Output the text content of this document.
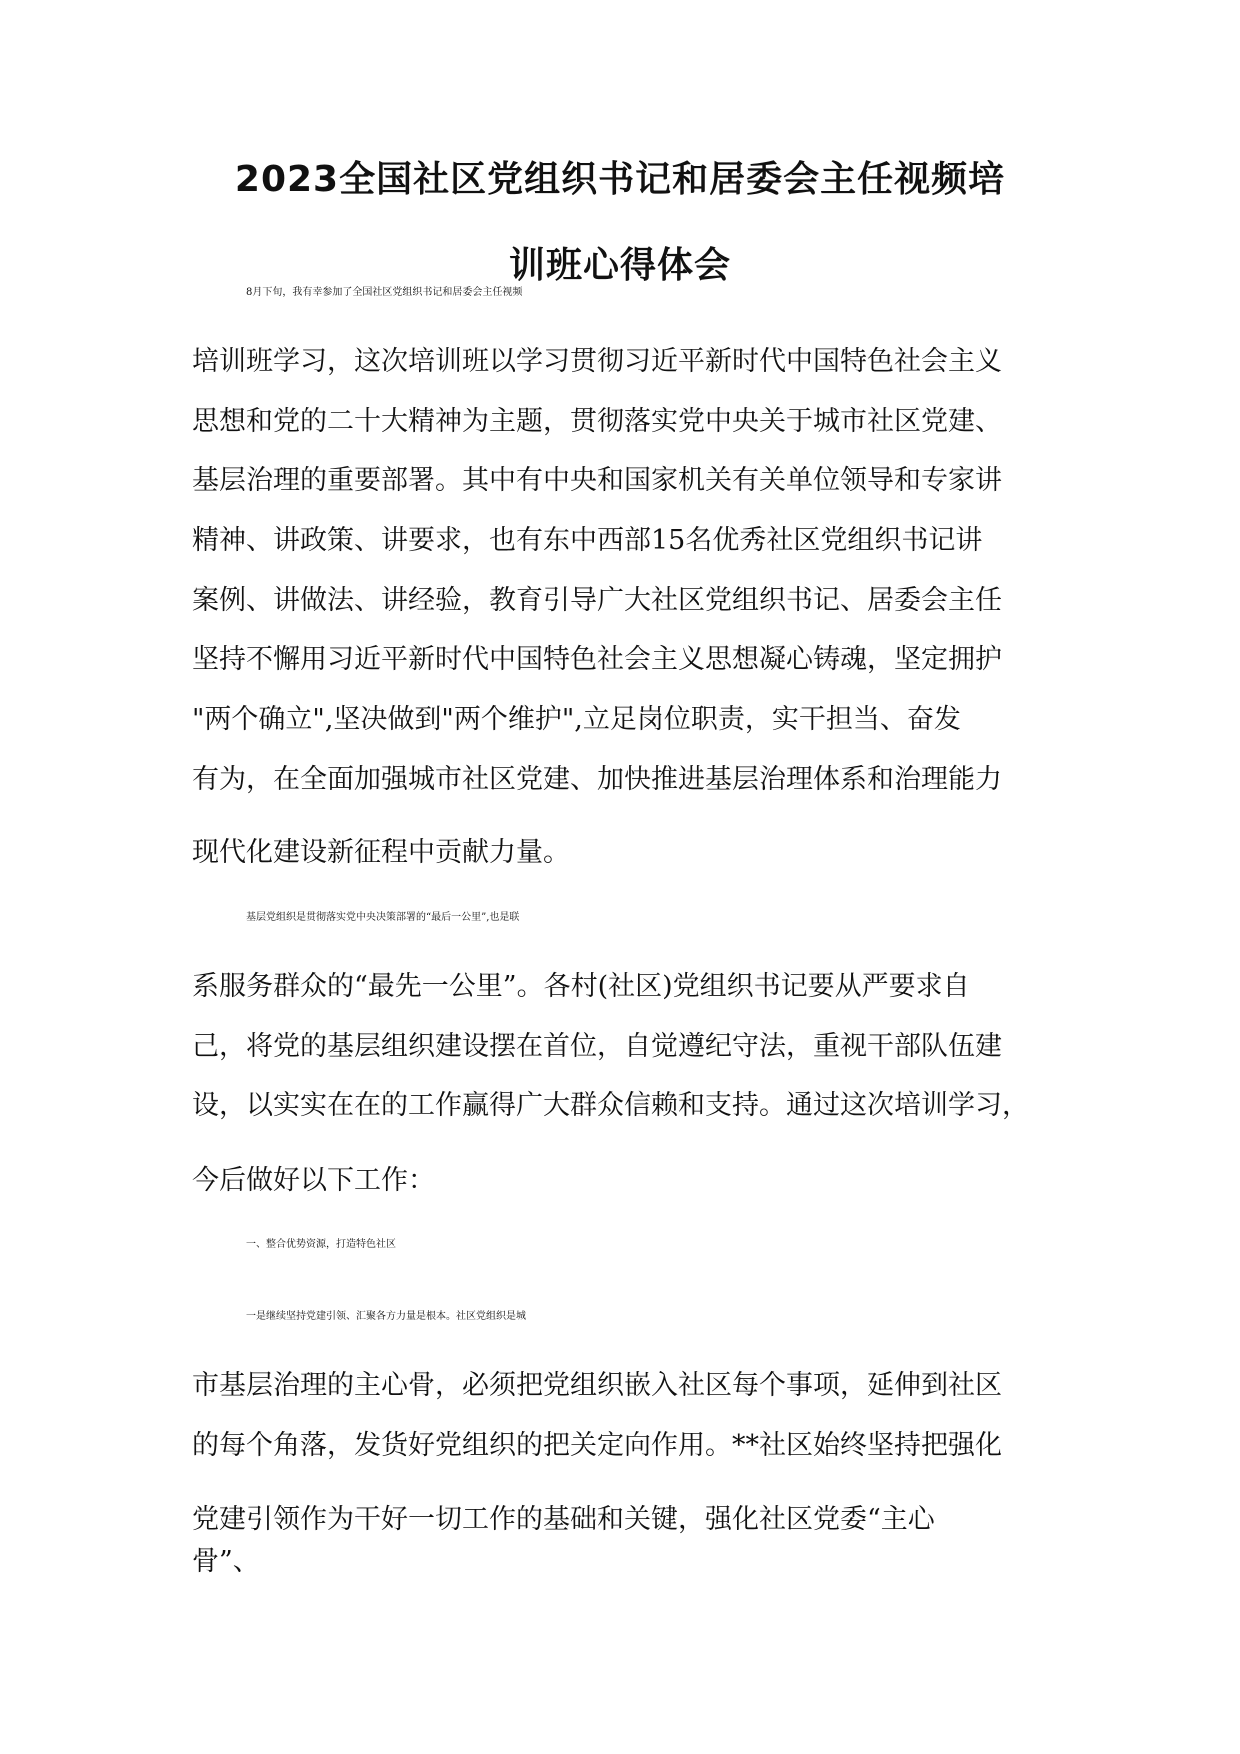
2023全国社区党组织书记和居委会主任视频培
训班心得体会

8月下旬，我有幸参加了全国社区党组织书记和居委会主任视频

培训班学习，这次培训班以学习贯彻习近平新时代中国特色社会主义

思想和党的二十大精神为主题，贯彻落实党中央关于城市社区党建、

基层治理的重要部署。其中有中央和国家机关有关单位领导和专家讲

精神、讲政策、讲要求，也有东中西部15名优秀社区党组织书记讲

案例、讲做法、讲经验，教育引导广大社区党组织书记、居委会主任

坚持不懈用习近平新时代中国特色社会主义思想凝心铸魂，坚定拥护

"两个确立",坚决做到"两个维护",立足岗位职责，实干担当、奋发

有为，在全面加强城市社区党建、加快推进基层治理体系和治理能力

现代化建设新征程中贡献力量。

基层党组织是贯彻落实党中央决策部署的“最后一公里”,也是联

系服务群众的“最先一公里”。各村(社区)党组织书记要从严要求自

己，将党的基层组织建设摆在首位，自觉遵纪守法，重视干部队伍建

设，以实实在在的工作赢得广大群众信赖和支持。通过这次培训学习，

今后做好以下工作：

一、整合优势资源，打造特色社区

一是继续坚持党建引领、汇聚各方力量是根本。社区党组织是城

市基层治理的主心骨，必须把党组织嵌入社区每个事项，延伸到社区

的每个角落，发货好党组织的把关定向作用。**社区始终坚持把强化

党建引领作为干好一切工作的基础和关键，强化社区党委“主心

骨”、
